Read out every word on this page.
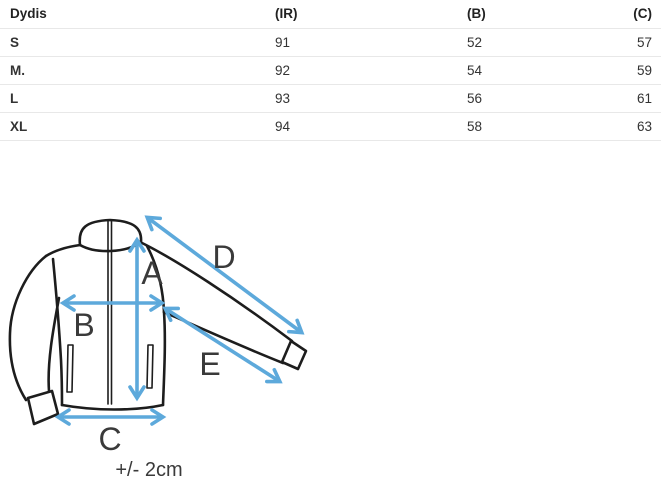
Dydis	(IR)	(B)	(C)
S	91	52	57
M.	92	54	59
L	93	56	61
XL	94	58	63
A
B
C
D
E
+/- 2cm
